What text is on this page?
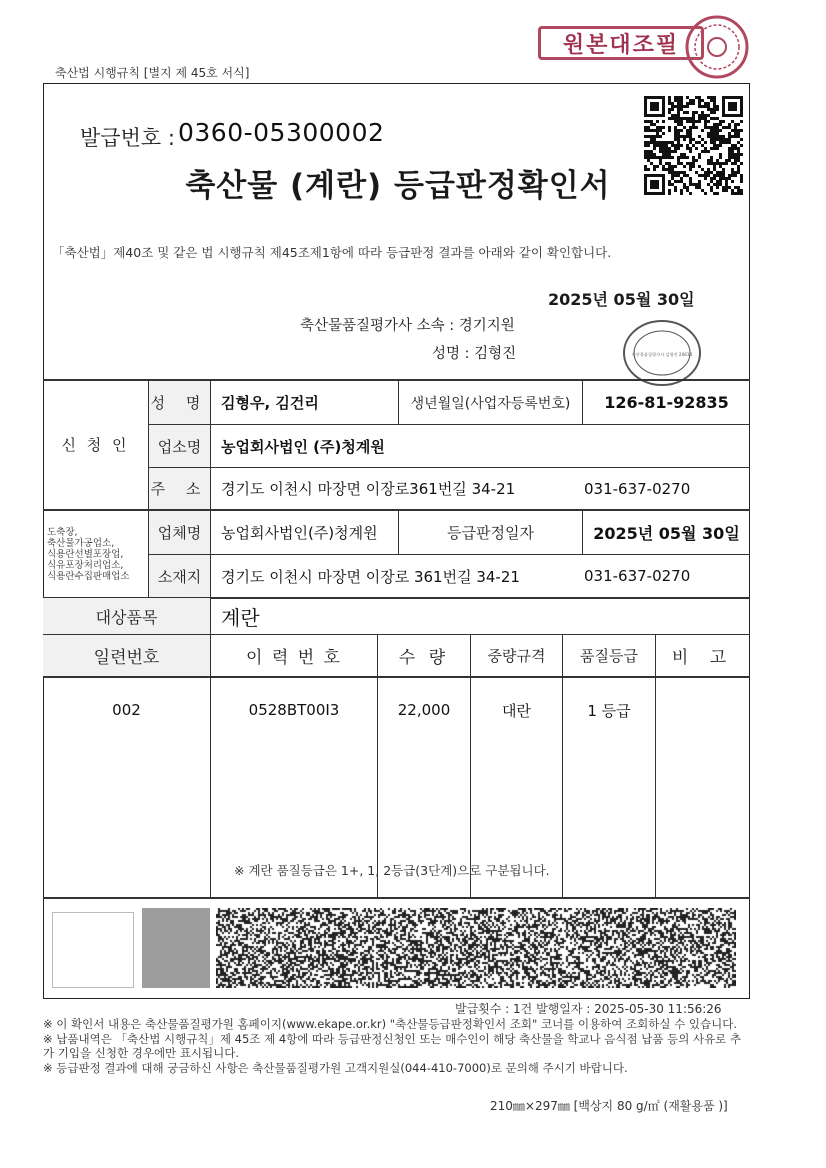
축산법 시행규칙 [별지 제 45호 서식]
원본대조필
발급번호 : 0360-05300002
축산물 (계란) 등급판정확인서
「축산법」제40조 및 같은 법 시행규칙 제45조제1항에 따라 등급판정 결과를 아래와 같이 확인합니다.
2025년 05월 30일
축산물품질평가사 소속 : 경기지원
성명 : 김형진	축산물품질평가사 김형진 20614
신 청 인
성 명 김형우, 김건리	생년월일(사업자등록번호)	126-81-92835
업소명	농업회사법인 (주)청계원
주 소 경기도 이천시 마장면 이장로361번길 34-21	031-637-0270
도축장,
축산물가공업소,
식용란선별포장업,
식유포장처리업소,
식용란수집판매업소
업체명	농업회사법인(주)청계원	등급판정일자	2025년 05월 30일
소재지	경기도 이천시 마장면 이장로 361번길 34-21	031-637-0270
대상품목	계란
일련번호	이 력 번 호	수 량	중량규격	품질등급	비 고
002	0528BT00I3	22,000	대란	1 등급
※ 계란 품질등급은 1+, 1, 2등급(3단계)으로 구분됩니다.
발급횟수 : 1건 발행일자 : 2025-05-30 11:56:26
※ 이 확인서 내용은 축산물품질평가원 홈페이지(www.ekape.or.kr) "축산물등급판정확인서 조회" 코너를 이용하여 조회하실 수 있습니다.
※ 납품내역은 「축산법 시행규칙」제 45조 제 4항에 따라 등급판정신청인 또는 매수인이 해당 축산물을 학교나 음식점 납품 등의 사유로 추가 기입을 신청한 경우에만 표시됩니다.
※ 등급판정 결과에 대해 궁금하신 사항은 축산물품질평가원 고객지원실(044-410-7000)로 문의해 주시기 바랍니다.
210㎜×297㎜ [백상지 80 g/㎡ (재활용품 )]
